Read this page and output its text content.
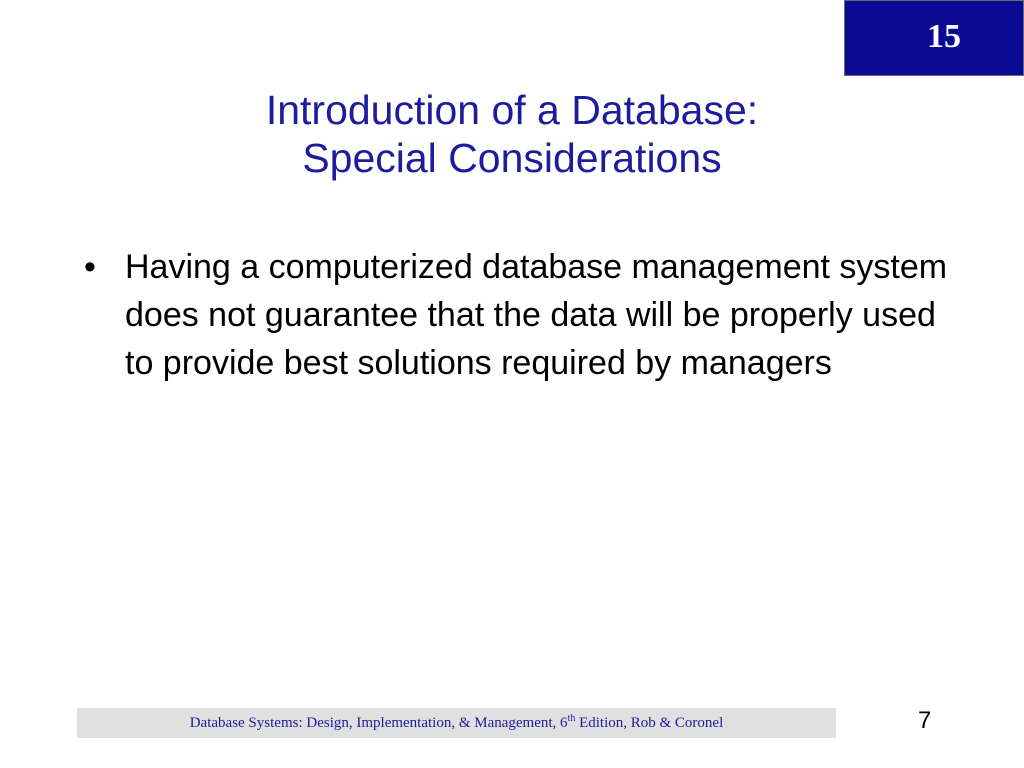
15
Introduction of a Database:
Special Considerations
• Having a computerized database management system does not guarantee that the data will be properly used to provide best solutions required by managers
Database Systems: Design, Implementation, & Management, 6th Edition, Rob & Coronel	7
